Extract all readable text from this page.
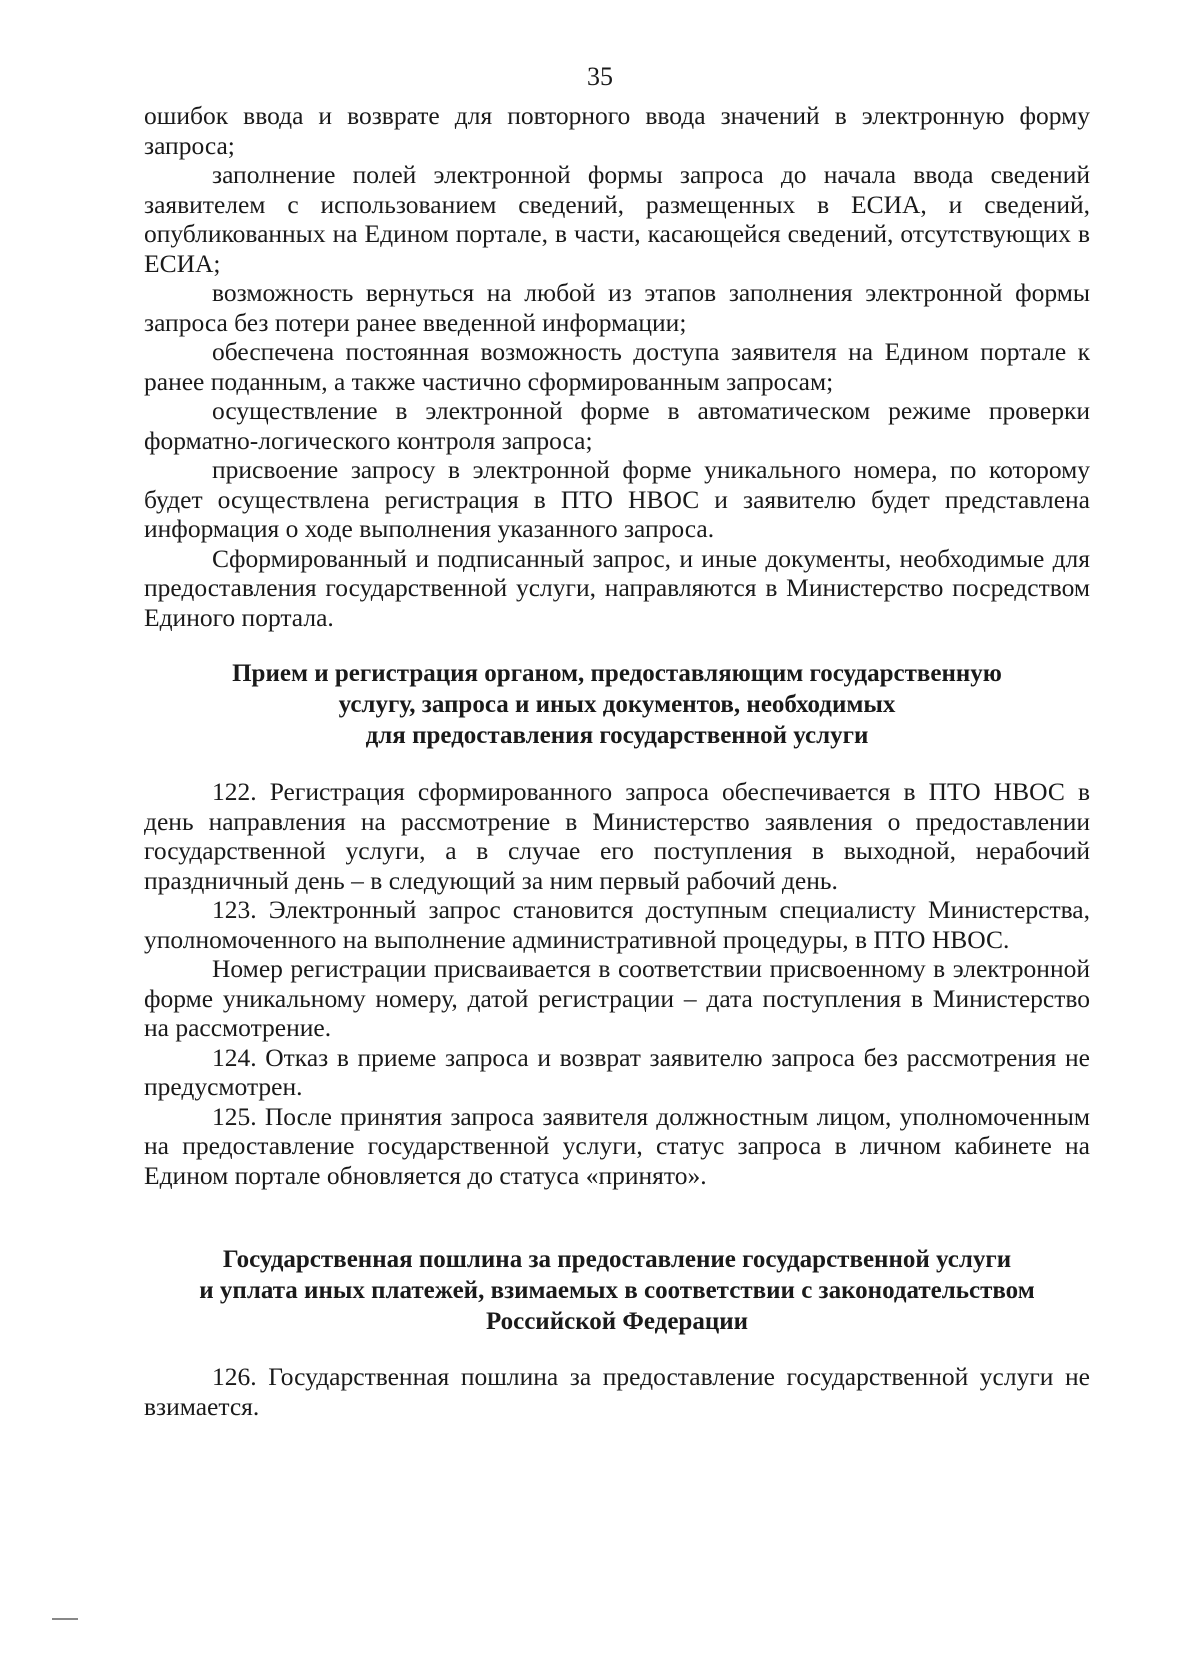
35

ошибок ввода и возврате для повторного ввода значений в электронную форму запроса;

заполнение полей электронной формы запроса до начала ввода сведений заявителем с использованием сведений, размещенных в ЕСИА, и сведений, опубликованных на Едином портале, в части, касающейся сведений, отсутствующих в ЕСИА;

возможность вернуться на любой из этапов заполнения электронной формы запроса без потери ранее введенной информации;

обеспечена постоянная возможность доступа заявителя на Едином портале к ранее поданным, а также частично сформированным запросам;

осуществление в электронной форме в автоматическом режиме проверки форматно-логического контроля запроса;

присвоение запросу в электронной форме уникального номера, по которому будет осуществлена регистрация в ПТО НВОС и заявителю будет представлена информация о ходе выполнения указанного запроса.

Сформированный и подписанный запрос, и иные документы, необходимые для предоставления государственной услуги, направляются в Министерство посредством Единого портала.

Прием и регистрация органом, предоставляющим государственную
услугу, запроса и иных документов, необходимых
для предоставления государственной услуги

122. Регистрация сформированного запроса обеспечивается в ПТО НВОС в день направления на рассмотрение в Министерство заявления о предоставлении государственной услуги, а в случае его поступления в выходной, нерабочий праздничный день – в следующий за ним первый рабочий день.

123. Электронный запрос становится доступным специалисту Министерства, уполномоченного на выполнение административной процедуры, в ПТО НВОС.

Номер регистрации присваивается в соответствии присвоенному в электронной форме уникальному номеру, датой регистрации – дата поступления в Министерство на рассмотрение.

124. Отказ в приеме запроса и возврат заявителю запроса без рассмотрения не предусмотрен.

125. После принятия запроса заявителя должностным лицом, уполномоченным на предоставление государственной услуги, статус запроса в личном кабинете на Едином портале обновляется до статуса «принято».

Государственная пошлина за предоставление государственной услуги
и уплата иных платежей, взимаемых в соответствии с законодательством
Российской Федерации

126. Государственная пошлина за предоставление государственной услуги не взимается.
